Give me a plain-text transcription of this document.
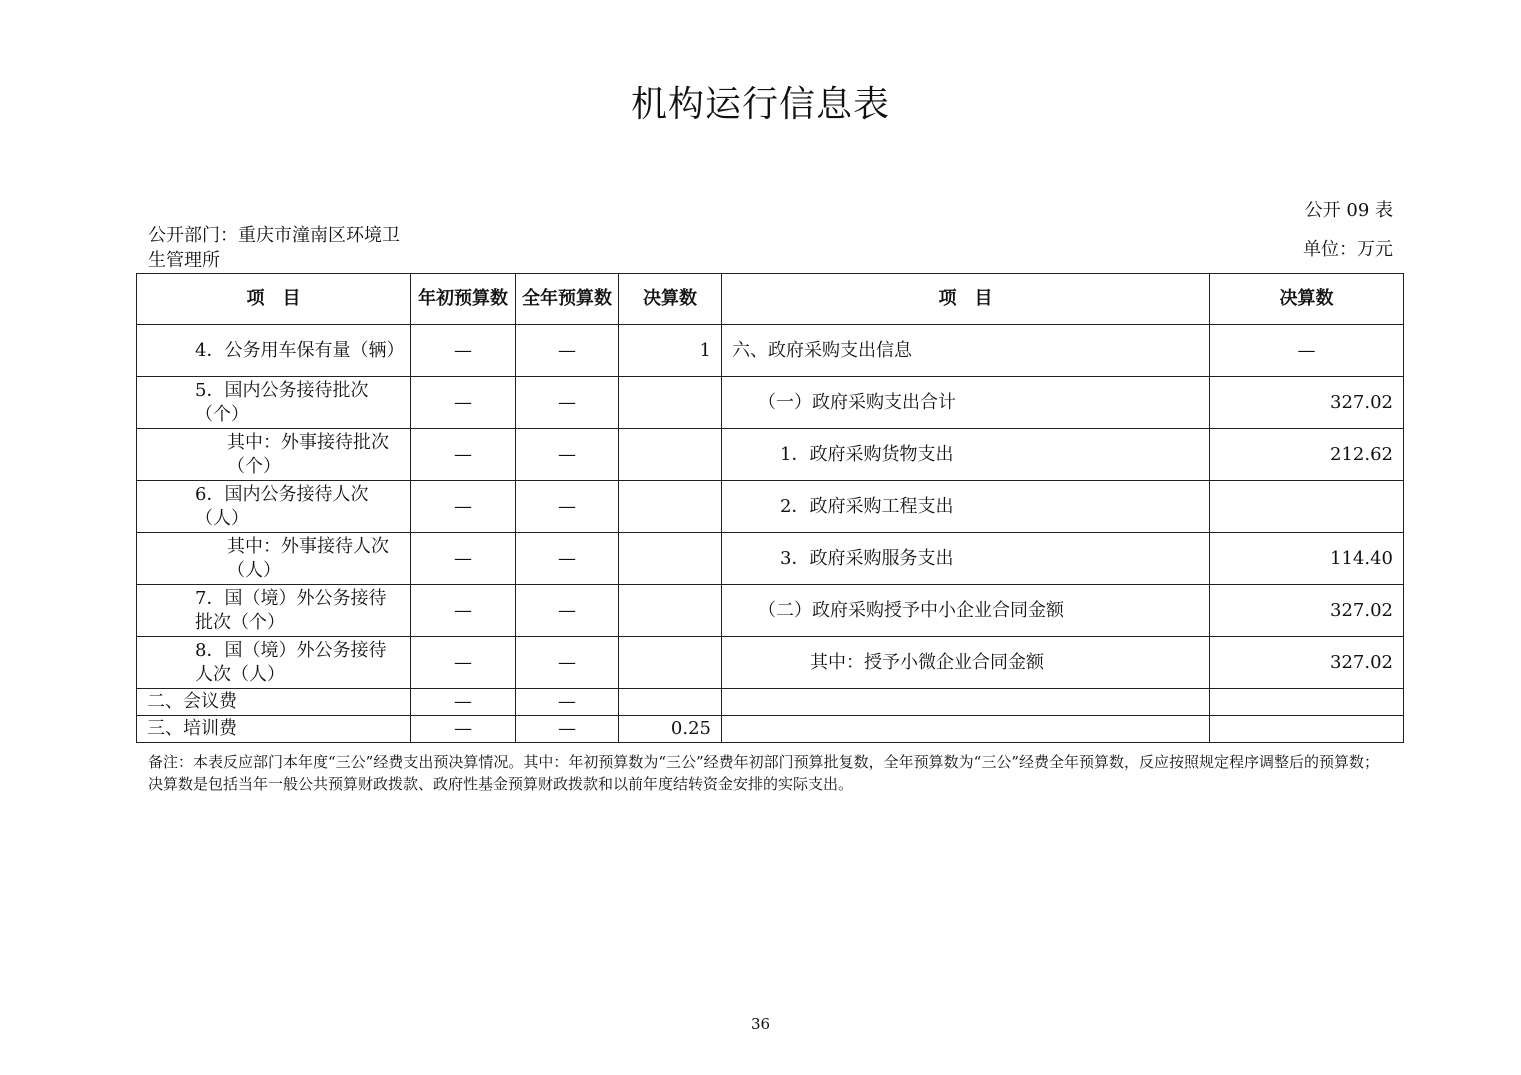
机构运行信息表
公开 09 表
公开部门：重庆市潼南区环境卫生管理所
单位：万元
项　目	年初预算数	全年预算数	决算数	项　目	决算数
4．公务用车保有量（辆）	—	—	1	六、政府采购支出信息	—
5．国内公务接待批次（个）	—	—		（一）政府采购支出合计	327.02
其中：外事接待批次（个）	—	—		1．政府采购货物支出	212.62
6．国内公务接待人次（人）	—	—		2．政府采购工程支出	
其中：外事接待人次（人）	—	—		3．政府采购服务支出	114.40
7．国（境）外公务接待批次（个）	—	—		（二）政府采购授予中小企业合同金额	327.02
8．国（境）外公务接待人次（人）	—	—		其中：授予小微企业合同金额	327.02
二、会议费	—	—			
三、培训费	—	—	0.25		
备注：本表反应部门本年度“三公”经费支出预决算情况。其中：年初预算数为“三公”经费年初部门预算批复数，全年预算数为“三公”经费全年预算数，反应按照规定程序调整后的预算数；决算数是包括当年一般公共预算财政拨款、政府性基金预算财政拨款和以前年度结转资金安排的实际支出。
36
